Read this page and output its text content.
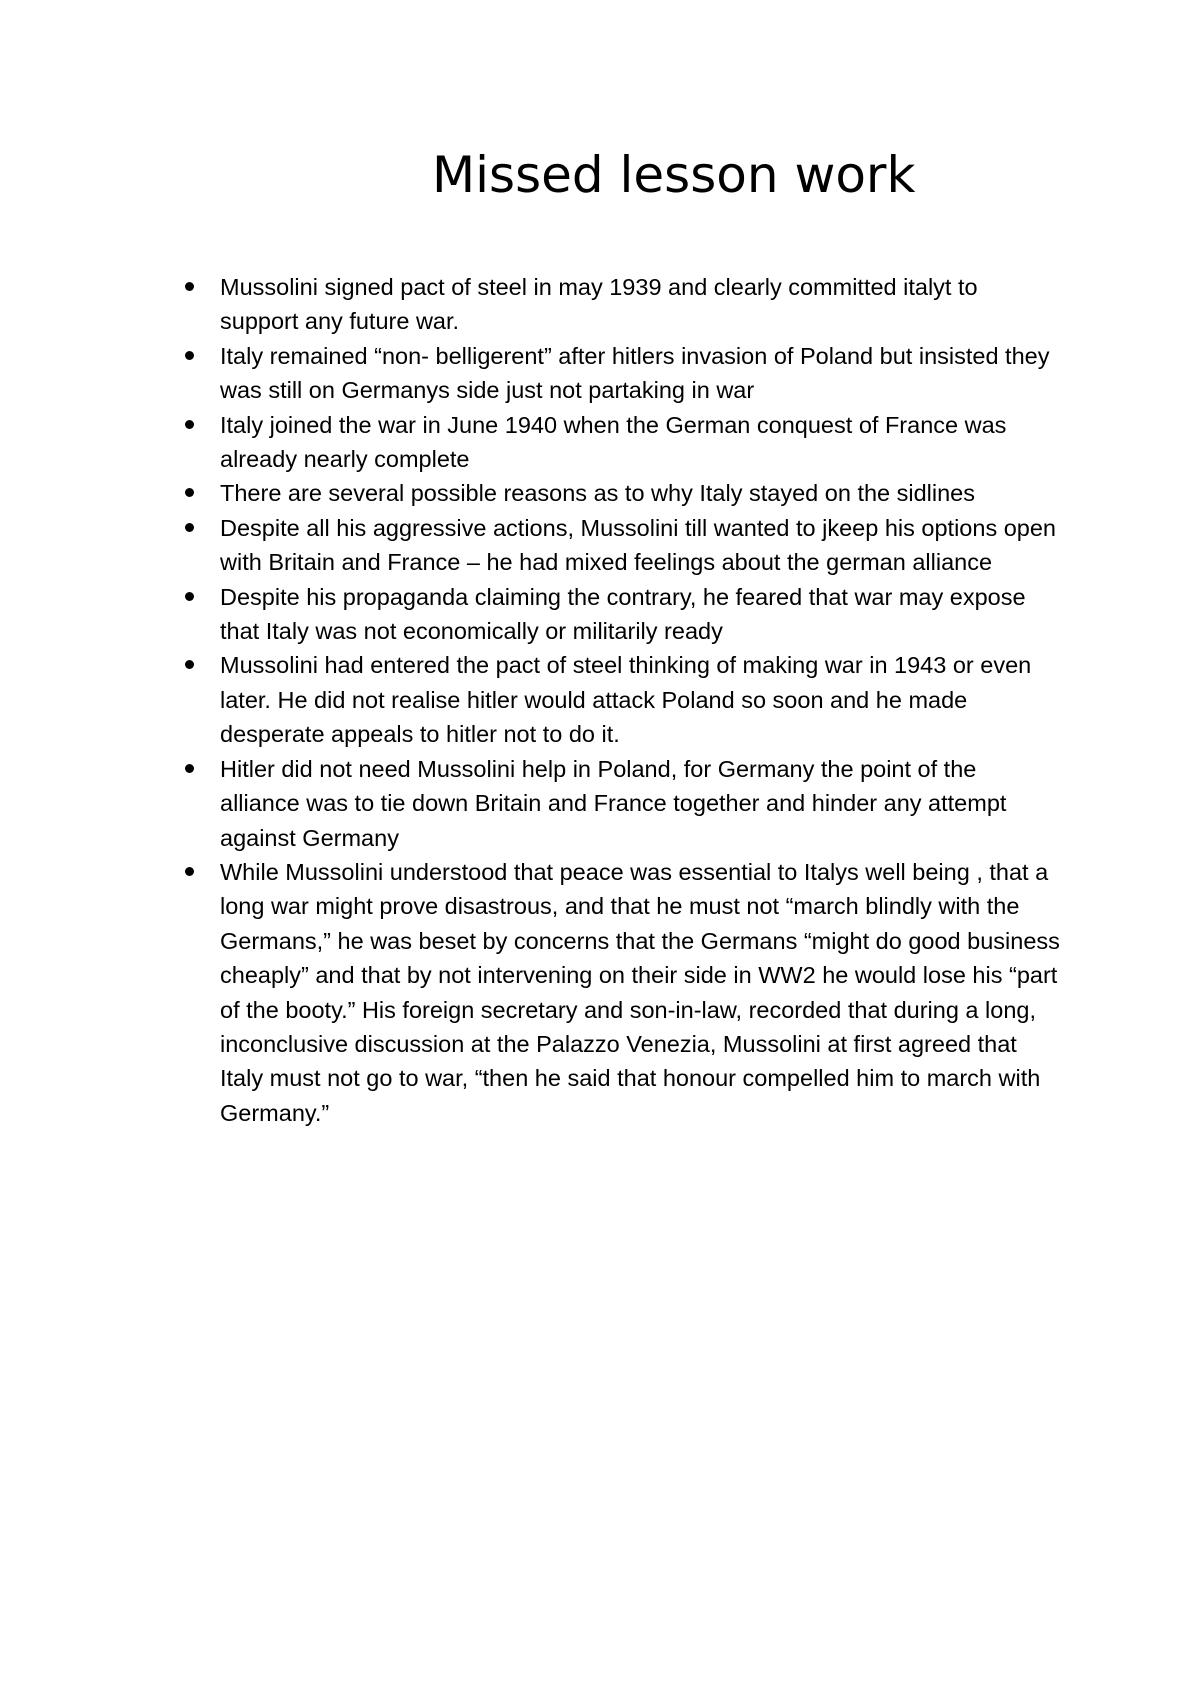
Missed lesson work
Mussolini signed pact of steel in may 1939 and clearly committed italyt to support any future war.
Italy remained “non- belligerent” after hitlers invasion of Poland but insisted they was still on Germanys side just not partaking in war
Italy joined the war in June 1940 when the German conquest of France was already nearly complete
There are several possible reasons as to why Italy stayed on the sidlines
Despite all his aggressive actions, Mussolini till wanted to jkeep his options open with Britain and France – he had mixed feelings about the german alliance
Despite his propaganda claiming the contrary, he feared that war may expose that Italy was not economically or militarily ready
Mussolini had entered the pact of steel thinking of making war in 1943 or even later. He did not realise hitler would attack Poland so soon and he made desperate appeals to hitler not to do it.
Hitler did not need Mussolini help in Poland, for Germany the point of the alliance was to tie down Britain and France together and hinder any attempt against Germany
While Mussolini understood that peace was essential to Italys well being , that a long war might prove disastrous, and that he must not “march blindly with the Germans,” he was beset by concerns that the Germans “might do good business cheaply” and that by not intervening on their side in WW2 he would lose his “part of the booty.” His foreign secretary and son-in-law, recorded that during a long, inconclusive discussion at the Palazzo Venezia, Mussolini at first agreed that Italy must not go to war, “then he said that honour compelled him to march with Germany.”
